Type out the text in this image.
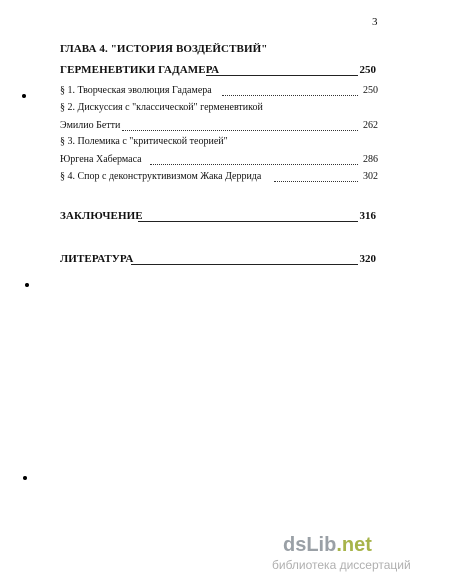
3
ГЛАВА 4. "ИСТОРИЯ ВОЗДЕЙСТВИЙ"
ГЕРМЕНЕВТИКИ ГАДАМЕРА	250
§ 1. Творческая эволюция Гадамера	250
§ 2. Дискуссия с "классической" герменевтикой
Эмилио Бетти	262
§ 3. Полемика с "критической теорией"
Юргена Хабермаса	286
§ 4. Спор с деконструктивизмом Жака Деррида	302
ЗАКЛЮЧЕНИЕ	316
ЛИТЕРАТУРА	320
dsLib.net
библиотека диссертаций
